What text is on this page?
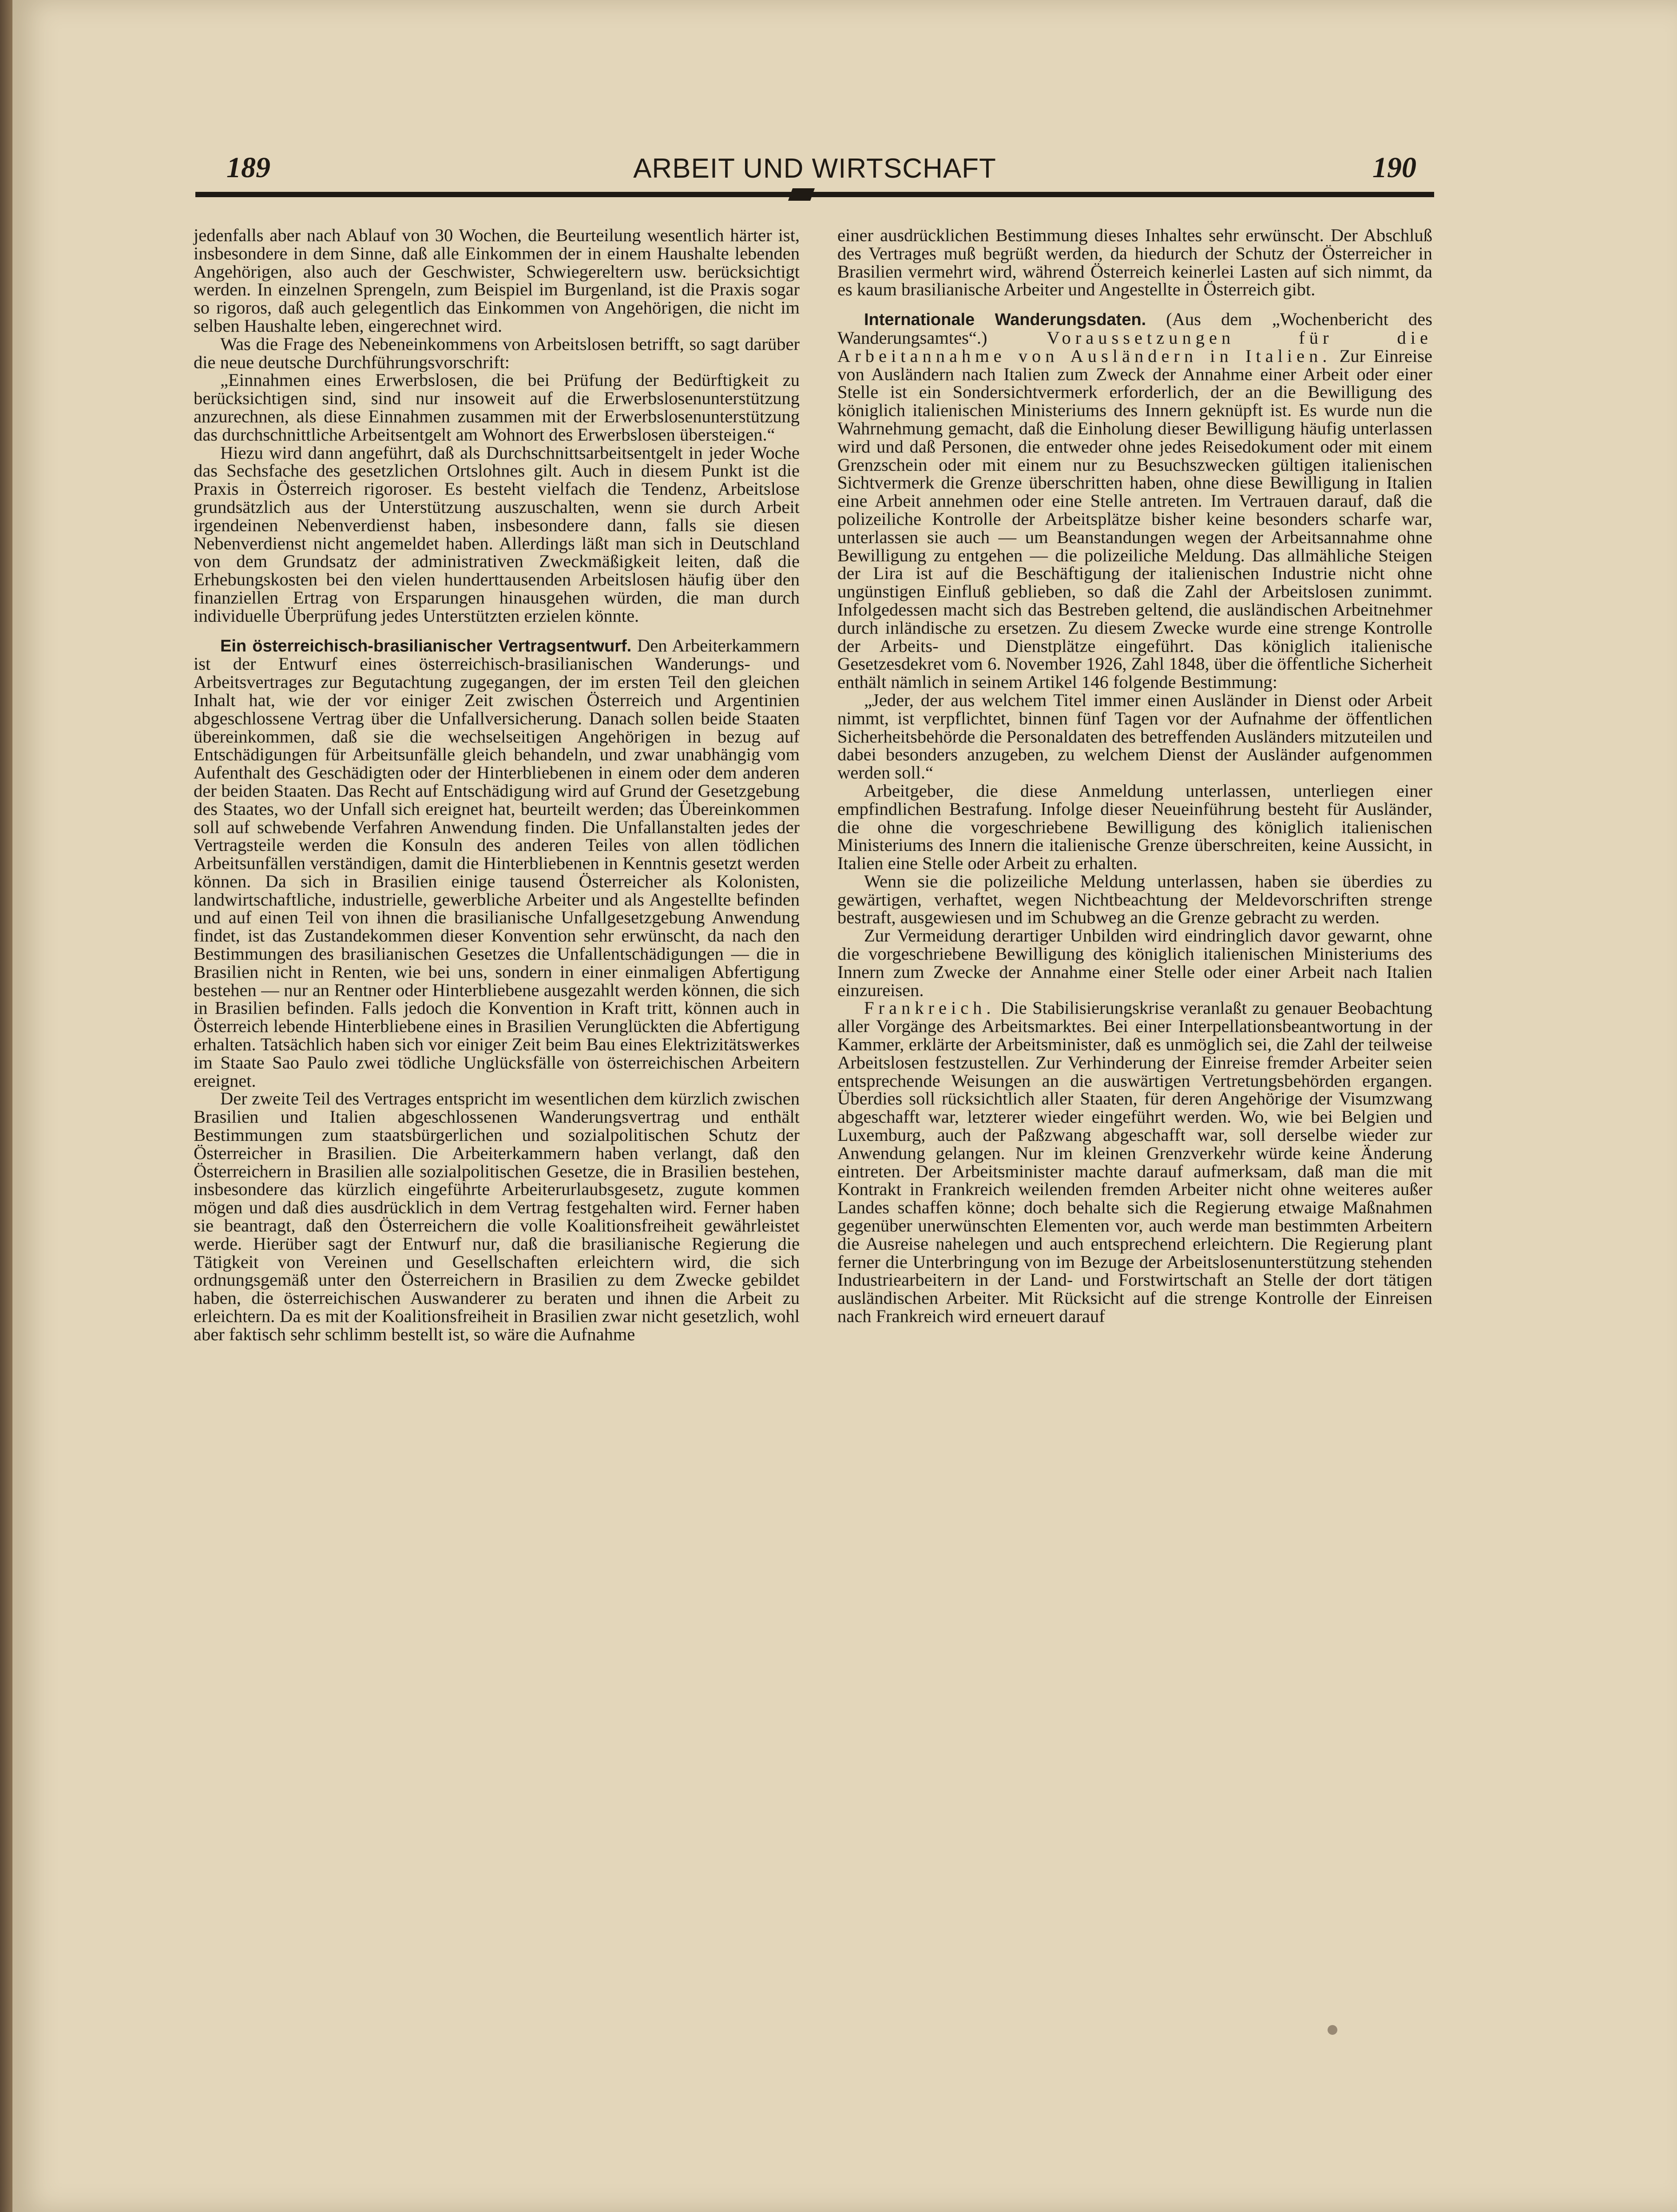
189	ARBEIT UND WIRTSCHAFT	190

jedenfalls aber nach Ablauf von 30 Wochen, die Beurteilung wesentlich härter ist, insbesondere in dem Sinne, daß alle Einkommen der in einem Haushalte lebenden Angehörigen, also auch der Geschwister, Schwiegereltern usw. berücksichtigt werden. In einzelnen Sprengeln, zum Beispiel im Burgenland, ist die Praxis sogar so rigoros, daß auch gelegentlich das Einkommen von Angehörigen, die nicht im selben Haushalte leben, eingerechnet wird.

Was die Frage des Nebeneinkommens von Arbeitslosen betrifft, so sagt darüber die neue deutsche Durchführungsvorschrift:

„Einnahmen eines Erwerbslosen, die bei Prüfung der Bedürftigkeit zu berücksichtigen sind, sind nur insoweit auf die Erwerbslosenunterstützung anzurechnen, als diese Einnahmen zusammen mit der Erwerbslosenunterstützung das durchschnittliche Arbeitsentgelt am Wohnort des Erwerbslosen übersteigen.“

Hiezu wird dann angeführt, daß als Durchschnittsarbeitsentgelt in jeder Woche das Sechsfache des gesetzlichen Ortslohnes gilt. Auch in diesem Punkt ist die Praxis in Österreich rigoroser. Es besteht vielfach die Tendenz, Arbeitslose grundsätzlich aus der Unterstützung auszuschalten, wenn sie durch Arbeit irgendeinen Nebenverdienst haben, insbesondere dann, falls sie diesen Nebenverdienst nicht angemeldet haben. Allerdings läßt man sich in Deutschland von dem Grundsatz der administrativen Zweckmäßigkeit leiten, daß die Erhebungskosten bei den vielen hunderttausenden Arbeitslosen häufig über den finanziellen Ertrag von Ersparungen hinausgehen würden, die man durch individuelle Überprüfung jedes Unterstützten erzielen könnte.

Ein österreichisch-brasilianischer Vertragsentwurf. Den Arbeiterkammern ist der Entwurf eines österreichisch-brasilianischen Wanderungs- und Arbeitsvertrages zur Begutachtung zugegangen, der im ersten Teil den gleichen Inhalt hat, wie der vor einiger Zeit zwischen Österreich und Argentinien abgeschlossene Vertrag über die Unfallversicherung. Danach sollen beide Staaten übereinkommen, daß sie die wechselseitigen Angehörigen in bezug auf Entschädigungen für Arbeitsunfälle gleich behandeln, und zwar unabhängig vom Aufenthalt des Geschädigten oder der Hinterbliebenen in einem oder dem anderen der beiden Staaten. Das Recht auf Entschädigung wird auf Grund der Gesetzgebung des Staates, wo der Unfall sich ereignet hat, beurteilt werden; das Übereinkommen soll auf schwebende Verfahren Anwendung finden. Die Unfallanstalten jedes der Vertragsteile werden die Konsuln des anderen Teiles von allen tödlichen Arbeitsunfällen verständigen, damit die Hinterbliebenen in Kenntnis gesetzt werden können. Da sich in Brasilien einige tausend Österreicher als Kolonisten, landwirtschaftliche, industrielle, gewerbliche Arbeiter und als Angestellte befinden und auf einen Teil von ihnen die brasilianische Unfallgesetzgebung Anwendung findet, ist das Zustandekommen dieser Konvention sehr erwünscht, da nach den Bestimmungen des brasilianischen Gesetzes die Unfallentschädigungen — die in Brasilien nicht in Renten, wie bei uns, sondern in einer einmaligen Abfertigung bestehen — nur an Rentner oder Hinterbliebene ausgezahlt werden können, die sich in Brasilien befinden. Falls jedoch die Konvention in Kraft tritt, können auch in Österreich lebende Hinterbliebene eines in Brasilien Verunglückten die Abfertigung erhalten. Tatsächlich haben sich vor einiger Zeit beim Bau eines Elektrizitätswerkes im Staate Sao Paulo zwei tödliche Unglücksfälle von österreichischen Arbeitern ereignet.

Der zweite Teil des Vertrages entspricht im wesentlichen dem kürzlich zwischen Brasilien und Italien abgeschlossenen Wanderungsvertrag und enthält Bestimmungen zum staatsbürgerlichen und sozialpolitischen Schutz der Österreicher in Brasilien. Die Arbeiterkammern haben verlangt, daß den Österreichern in Brasilien alle sozialpolitischen Gesetze, die in Brasilien bestehen, insbesondere das kürzlich eingeführte Arbeiterurlaubsgesetz, zugute kommen mögen und daß dies ausdrücklich in dem Vertrag festgehalten wird. Ferner haben sie beantragt, daß den Österreichern die volle Koalitionsfreiheit gewährleistet werde. Hierüber sagt der Entwurf nur, daß die brasilianische Regierung die Tätigkeit von Vereinen und Gesellschaften erleichtern wird, die sich ordnungsgemäß unter den Österreichern in Brasilien zu dem Zwecke gebildet haben, die österreichischen Auswanderer zu beraten und ihnen die Arbeit zu erleichtern. Da es mit der Koalitionsfreiheit in Brasilien zwar nicht gesetzlich, wohl aber faktisch sehr schlimm bestellt ist, so wäre die Aufnahme

einer ausdrücklichen Bestimmung dieses Inhaltes sehr erwünscht. Der Abschluß des Vertrages muß begrüßt werden, da hiedurch der Schutz der Österreicher in Brasilien vermehrt wird, während Österreich keinerlei Lasten auf sich nimmt, da es kaum brasilianische Arbeiter und Angestellte in Österreich gibt.

Internationale Wanderungsdaten. (Aus dem „Wochenbericht des Wanderungsamtes“.)	Voraussetzungen für die Arbeitannahme von Ausländern in Italien. Zur Einreise von Ausländern nach Italien zum Zweck der Annahme einer Arbeit oder einer Stelle ist ein Sondersichtvermerk erforderlich, der an die Bewilligung des königlich italienischen Ministeriums des Innern geknüpft ist. Es wurde nun die Wahrnehmung gemacht, daß die Einholung dieser Bewilligung häufig unterlassen wird und daß Personen, die entweder ohne jedes Reisedokument oder mit einem Grenzschein oder mit einem nur zu Besuchszwecken gültigen italienischen Sichtvermerk die Grenze überschritten haben, ohne diese Bewilligung in Italien eine Arbeit annehmen oder eine Stelle antreten. Im Vertrauen darauf, daß die polizeiliche Kontrolle der Arbeitsplätze bisher keine besonders scharfe war, unterlassen sie auch — um Beanstandungen wegen der Arbeitsannahme ohne Bewilligung zu entgehen — die polizeiliche Meldung. Das allmähliche Steigen der Lira ist auf die Beschäftigung der italienischen Industrie nicht ohne ungünstigen Einfluß geblieben, so daß die Zahl der Arbeitslosen zunimmt. Infolgedessen macht sich das Bestreben geltend, die ausländischen Arbeitnehmer durch inländische zu ersetzen. Zu diesem Zwecke wurde eine strenge Kontrolle der Arbeits- und Dienstplätze eingeführt. Das königlich italienische Gesetzesdekret vom 6. November 1926, Zahl 1848, über die öffentliche Sicherheit enthält nämlich in seinem Artikel 146 folgende Bestimmung:

„Jeder, der aus welchem Titel immer einen Ausländer in Dienst oder Arbeit nimmt, ist verpflichtet, binnen fünf Tagen vor der Aufnahme der öffentlichen Sicherheitsbehörde die Personaldaten des betreffenden Ausländers mitzuteilen und dabei besonders anzugeben, zu welchem Dienst der Ausländer aufgenommen werden soll.“

Arbeitgeber, die diese Anmeldung unterlassen, unterliegen einer empfindlichen Bestrafung. Infolge dieser Neueinführung besteht für Ausländer, die ohne die vorgeschriebene Bewilligung des königlich italienischen Ministeriums des Innern die italienische Grenze überschreiten, keine Aussicht, in Italien eine Stelle oder Arbeit zu erhalten.

Wenn sie die polizeiliche Meldung unterlassen, haben sie überdies zu gewärtigen, verhaftet, wegen Nichtbeachtung der Meldevorschriften strenge bestraft, ausgewiesen und im Schubweg an die Grenze gebracht zu werden.

Zur Vermeidung derartiger Unbilden wird eindringlich davor gewarnt, ohne die vorgeschriebene Bewilligung des königlich italienischen Ministeriums des Innern zum Zwecke der Annahme einer Stelle oder einer Arbeit nach Italien einzureisen.

Frankreich. Die Stabilisierungskrise veranlaßt zu genauer Beobachtung aller Vorgänge des Arbeitsmarktes. Bei einer Interpellationsbeantwortung in der Kammer, erklärte der Arbeitsminister, daß es unmöglich sei, die Zahl der teilweise Arbeitslosen festzustellen. Zur Verhinderung der Einreise fremder Arbeiter seien entsprechende Weisungen an die auswärtigen Vertretungsbehörden ergangen. Überdies soll rücksichtlich aller Staaten, für deren Angehörige der Visumzwang abgeschafft war, letzterer wieder eingeführt werden. Wo, wie bei Belgien und Luxemburg, auch der Paßzwang abgeschafft war, soll derselbe wieder zur Anwendung gelangen. Nur im kleinen Grenzverkehr würde keine Änderung eintreten. Der Arbeitsminister machte darauf aufmerksam, daß man die mit Kontrakt in Frankreich weilenden fremden Arbeiter nicht ohne weiteres außer Landes schaffen könne; doch behalte sich die Regierung etwaige Maßnahmen gegenüber unerwünschten Elementen vor, auch werde man bestimmten Arbeitern die Ausreise nahelegen und auch entsprechend erleichtern. Die Regierung plant ferner die Unterbringung von im Bezuge der Arbeitslosenunterstützung stehenden Industriearbeitern in der Land- und Forstwirtschaft an Stelle der dort tätigen ausländischen Arbeiter. Mit Rücksicht auf die strenge Kontrolle der Einreisen nach Frankreich wird erneuert darauf
